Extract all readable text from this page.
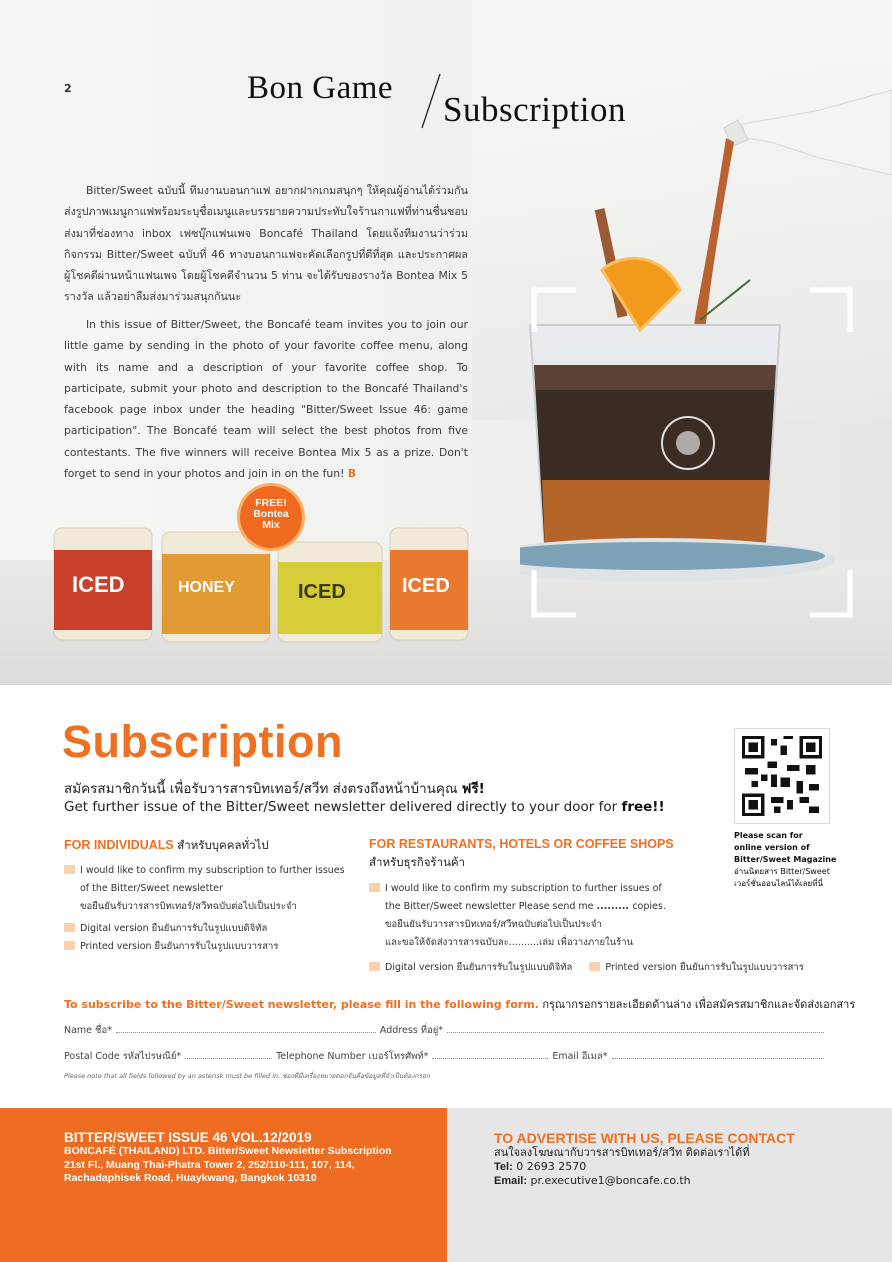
2	Bon Game
Subscription

Bitter/Sweet ฉบับนี้ ทีมงานบอนกาแฟ อยากฝากเกมสนุกๆ ให้คุณผู้อ่านได้ร่วมกันส่งรูปภาพเมนูกาแฟพร้อมระบุชื่อเมนูและบรรยายความประทับใจร้านกาแฟที่ท่านชื่นชอบ ส่งมาที่ช่องทาง inbox เฟซบุ๊กแฟนเพจ Boncafé Thailand โดยแจ้งทีมงานว่าร่วมกิจกรรม Bitter/Sweet ฉบับที่ 46 ทางบอนกาแฟจะคัดเลือกรูปที่ดีที่สุด และประกาศผลผู้โชคดีผ่านหน้าแฟนเพจ โดยผู้โชคดีจำนวน 5 ท่าน จะได้รับของรางวัล Bontea Mix 5 รางวัล แล้วอย่าลืมส่งมาร่วมสนุกกันนะ

In this issue of Bitter/Sweet, the Boncafé team invites you to join our little game by sending in the photo of your favorite coffee menu, along with its name and a description of your favorite coffee shop. To participate, submit your photo and description to the Boncafé Thailand's facebook page inbox under the heading "Bitter/Sweet Issue 46: game participation". The Boncafé team will select the best photos from five contestants. The five winners will receive Bontea Mix 5 as a prize. Don't forget to send in your photos and join in on the fun! B

ICED	HONEY	ICED	ICED
FREE!
Bontea
Mix
Subscription
สมัครสมาชิกวันนี้ เพื่อรับวารสารบิทเทอร์/สวีท ส่งตรงถึงหน้าบ้านคุณ ฟรี!
Get further issue of the Bitter/Sweet newsletter delivered directly to your door for free!!
Please scan for
online version of
Bitter/Sweet Magazine
อ่านนิตยสาร Bitter/Sweet
เวอร์ชั่นออนไลน์ได้เลยที่นี่
FOR INDIVIDUALS สำหรับบุคคลทั่วไป
I would like to confirm my subscription to further issues
of the Bitter/Sweet newsletter
ขอยืนยันรับวารสารบิทเทอร์/สวีทฉบับต่อไปเป็นประจำ
Digital version ยืนยันการรับในรูปแบบดิจิทัล
Printed version ยืนยันการรับในรูปแบบวารสาร
FOR RESTAURANTS, HOTELS OR COFFEE SHOPS
สำหรับธุรกิจร้านค้า
I would like to confirm my subscription to further issues of
the Bitter/Sweet newsletter Please send me ......... copies.
ขอยืนยันรับวารสารบิทเทอร์/สวีทฉบับต่อไปเป็นประจำ
และขอให้จัดส่งวารสารฉบับละ..........เล่ม เพื่อวางภายในร้าน
Digital version ยืนยันการรับในรูปแบบดิจิทัล	Printed version ยืนยันการรับในรูปแบบวารสาร
To subscribe to the Bitter/Sweet newsletter, please fill in the following form. กรุณากรอกรายละเอียดด้านล่าง เพื่อสมัครสมาชิกและจัดส่งเอกสาร
Name ชื่อ*	Address ที่อยู่*
Postal Code รหัสไปรษณีย์*	Telephone Number เบอร์โทรศัพท์*	Email อีเมล*
Please note that all fields followed by an asterisk must be filled in. ช่องที่มีเครื่องหมายดอกจันคือข้อมูลที่จำเป็นต้องกรอก
BITTER/SWEET ISSUE 46 VOL.12/2019
BONCAFÉ (THAILAND) LTD. Bitter/Sweet Newsletter Subscription
21st Fl., Muang Thai-Phatra Tower 2, 252/110-111, 107, 114,
Rachadaphisek Road, Huaykwang, Bangkok 10310
TO ADVERTISE WITH US, PLEASE CONTACT
สนใจลงโฆษณากับวารสารบิทเทอร์/สวีท ติดต่อเราได้ที่
Tel: 0 2693 2570
Email: pr.executive1@boncafe.co.th
